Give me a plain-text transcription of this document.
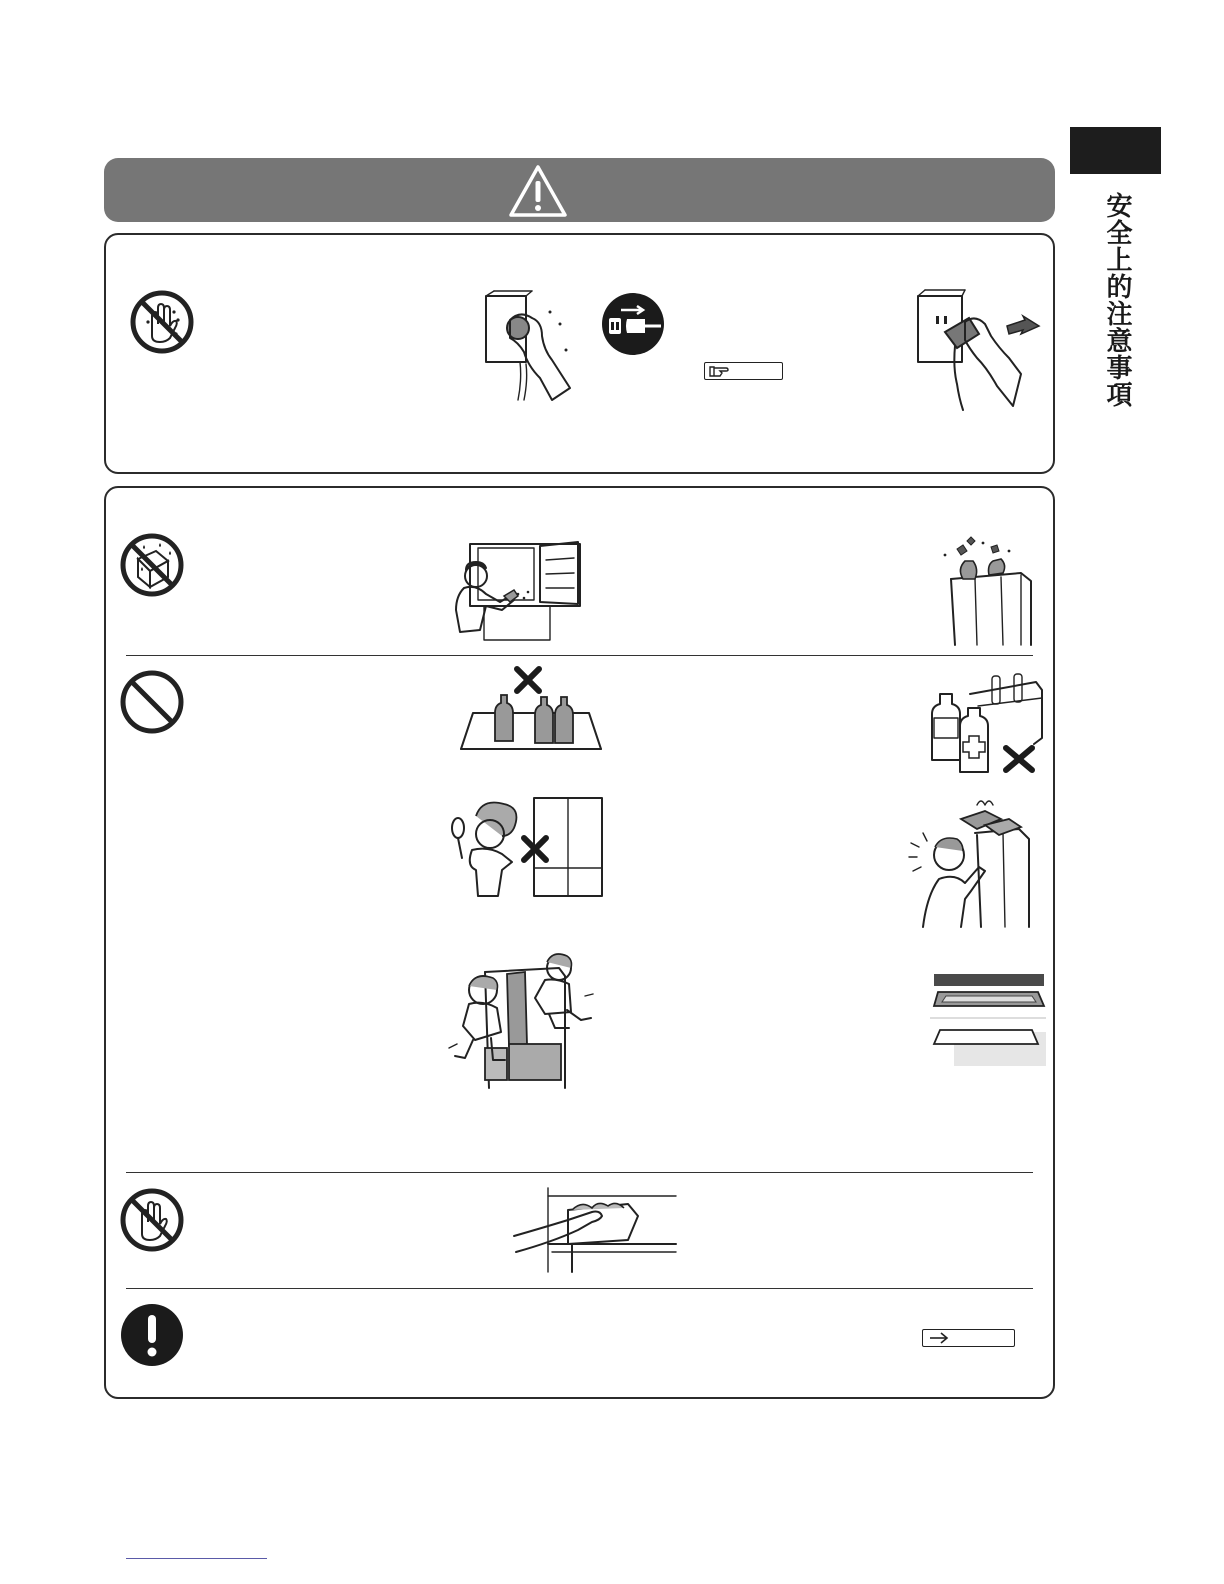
安全上的注意事項
